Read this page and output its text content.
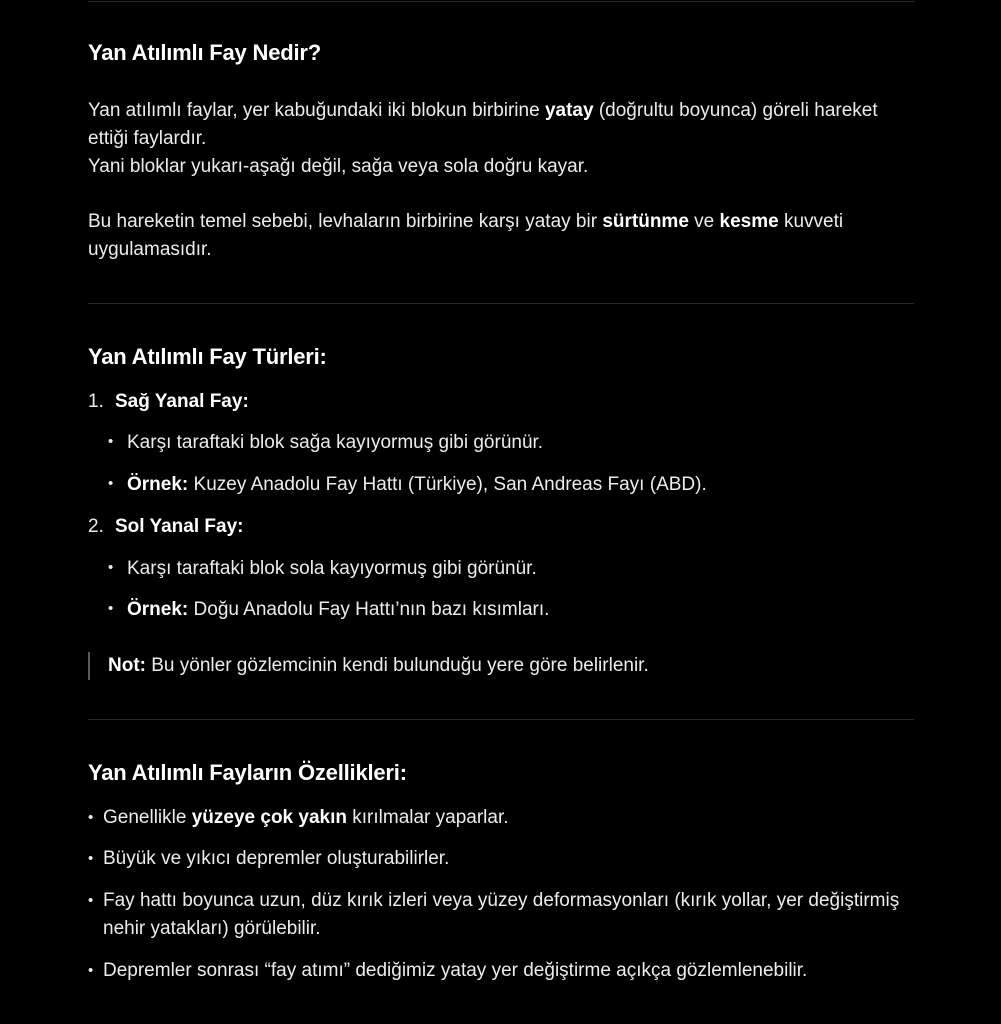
Yan Atılımlı Fay Nedir?

Yan atılımlı faylar, yer kabuğundaki iki blokun birbirine yatay (doğrultu boyunca) göreli hareket ettiği faylardır.
Yani bloklar yukarı-aşağı değil, sağa veya sola doğru kayar.

Bu hareketin temel sebebi, levhaların birbirine karşı yatay bir sürtünme ve kesme kuvveti uygulamasıdır.

Yan Atılımlı Fay Türleri:
1. Sağ Yanal Fay:
• Karşı taraftaki blok sağa kayıyormuş gibi görünür.
• Örnek: Kuzey Anadolu Fay Hattı (Türkiye), San Andreas Fayı (ABD).
2. Sol Yanal Fay:
• Karşı taraftaki blok sola kayıyormuş gibi görünür.
• Örnek: Doğu Anadolu Fay Hattı’nın bazı kısımları.
Not: Bu yönler gözlemcinin kendi bulunduğu yere göre belirlenir.
Yan Atılımlı Fayların Özellikleri:
• Genellikle yüzeye çok yakın kırılmalar yaparlar.
• Büyük ve yıkıcı depremler oluşturabilirler.
• Fay hattı boyunca uzun, düz kırık izleri veya yüzey deformasyonları (kırık yollar, yer değiştirmiş nehir yatakları) görülebilir.
• Depremler sonrası “fay atımı” dediğimiz yatay yer değiştirme açıkça gözlemlenebilir.
